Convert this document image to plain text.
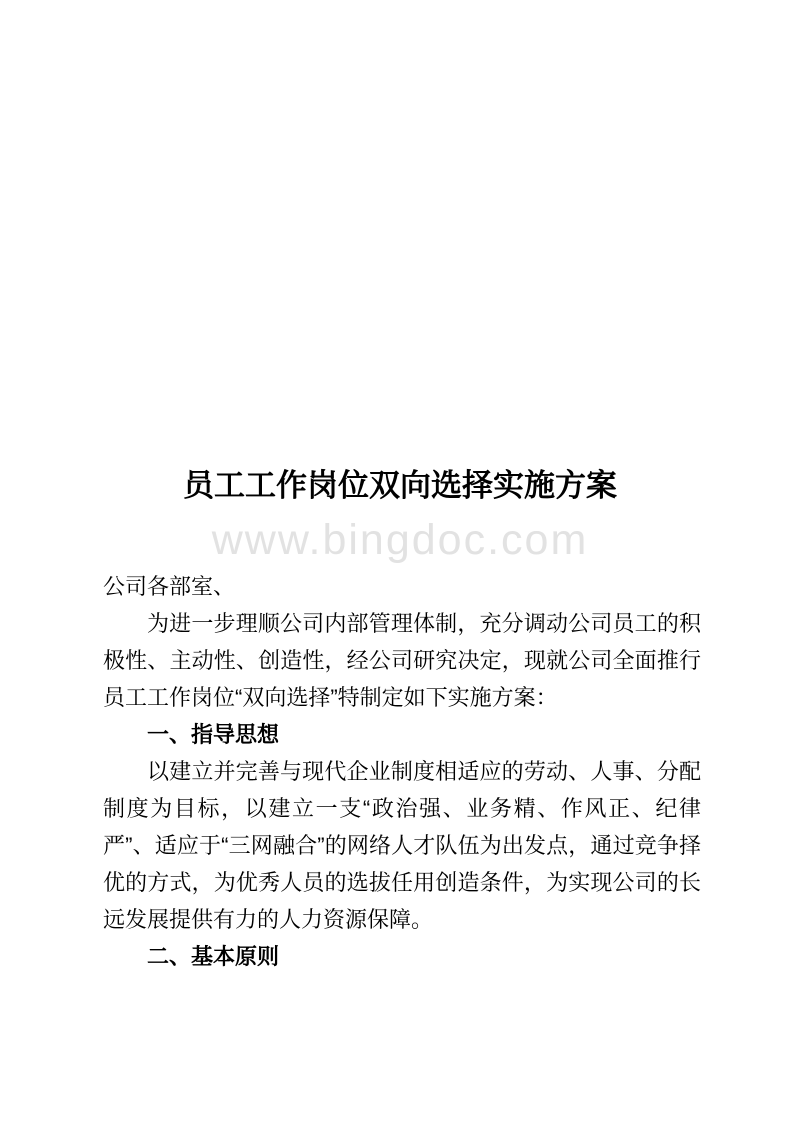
员工工作岗位双向选择实施方案
www.bingdoc.com

公司各部室、

为进一步理顺公司内部管理体制，充分调动公司员工的积极性、主动性、创造性，经公司研究决定，现就公司全面推行员工工作岗位“双向选择”特制定如下实施方案：

一、指导思想

以建立并完善与现代企业制度相适应的劳动、人事、分配制度为目标，以建立一支“政治强、业务精、作风正、纪律严”、适应于“三网融合”的网络人才队伍为出发点，通过竞争择优的方式，为优秀人员的选拔任用创造条件，为实现公司的长远发展提供有力的人力资源保障。

二、基本原则
